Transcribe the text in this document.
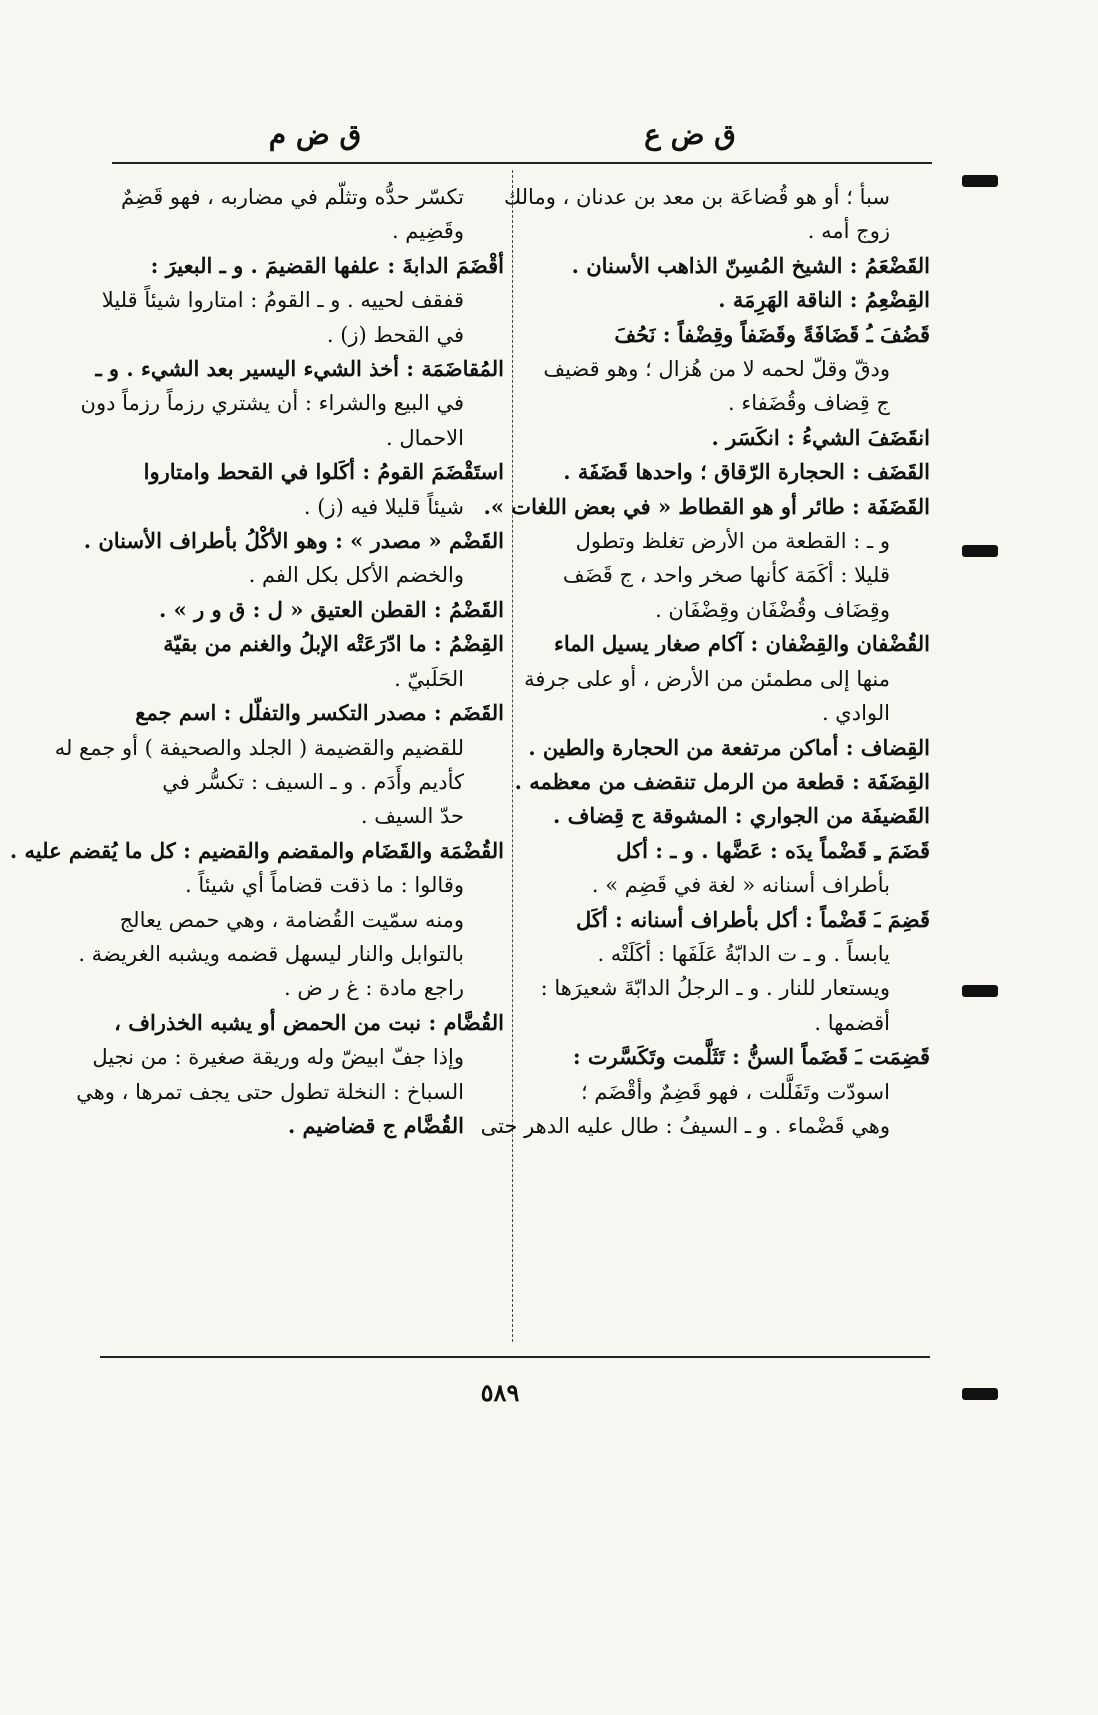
ق ض ع
ق ض م
سبأ ؛ أو هو قُضاعَة بن معد بن عدنان ، ومالك
زوج أمه .
القَضْعَمُ : الشيخ المُسِنّ الذاهب الأسنان .
القِضْعِمُ : الناقة الهَرِمَة .
قَضُفَ ـُ قَضَافَةً وقَضَفاً وقِضْفاً : نَحُفَ
ودقّ وقلّ لحمه لا من هُزال ؛ وهو قضيف
ج قِضاف وقُضَفاء .
انقَضَفَ الشيءُ : انكَسَر .
القَضَف : الحجارة الرّقاق ؛ واحدها قَضَفَة .
القَضَفَة : طائر أو هو القطاط « في بعض اللغات ».
و ـ : القطعة من الأرض تغلظ وتطول
قليلا : أكَمَة كأنها صخر واحد ، ج قَضَف
وقِضَاف وقُضْفَان وقِضْفَان .
القُضْفان والقِضْفان : آكام صغار يسيل الماء
منها إلى مطمئن من الأرض ، أو على جرفة
الوادي .
القِضاف : أماكن مرتفعة من الحجارة والطين .
القِضَفَة : قطعة من الرمل تنقضف من معظمه .
القَضيفَة من الجواري : المشوقة ج قِضاف .
قَضَمَ ـِ قَضْماً يدَه : عَضَّها . و ـ : أكل
بأطراف أسنانه « لغة في قَضِم » .
قَضِمَ ـَ قَضْماً : أكل بأطراف أسنانه : أكَل
يابساً . و ـ ت الدابّةُ عَلَفَها : أكَلَتْه .
ويستعار للنار . و ـ الرجلُ الدابّةَ شعيرَها :
أقضمها .
قَضِمَت ـَ قَضَماً السنُّ : تَثَلَّمت وتَكَسَّرت :
اسودّت وتَفَلَّلت ، فهو قَضِمٌ وأقْضَم ؛
وهي قَضْماء . و ـ السيفُ : طال عليه الدهر حتى
تكسّر حدُّه وتثلّم في مضاربه ، فهو قَضِمٌ
وقَضِيم .
أقْضَمَ الدابةَ : علفها القضيمَ . و ـ البعيرَ :
قفقف لحييه . و ـ القومُ : امتاروا شيئاً قليلا
في القحط (ز) .
المُقاضَمَة : أخذ الشيء اليسير بعد الشيء . و ـ
في البيع والشراء : أن يشتري رزماً رزماً دون
الاحمال .
استَقْضَمَ القومُ : أكَلوا في القحط وامتاروا
شيئاً قليلا فيه (ز) .
القَضْم « مصدر » : وهو الأكْلُ بأطراف الأسنان .
والخضم الأكل بكل الفم .
القَضْمُ : القطن العتيق « ل : ق و ر » .
القِضْمُ : ما ادّرَعَتْه الإبلُ والغنم من بقيّة
الحَلَبيّ .
القَضَم : مصدر التكسر والتفلّل : اسم جمع
للقضيم والقضيمة ( الجلد والصحيفة ) أو جمع له
كأديم وأَدَم . و ـ السيف : تكسُّر في
حدّ السيف .
القُضْمَة والقَضَام والمقضم والقضيم : كل ما يُقضم عليه .
وقالوا : ما ذقت قضاماً أي شيئاً .
ومنه سمّيت القُضامة ، وهي حمص يعالج
بالتوابل والنار ليسهل قضمه ويشبه الغريضة .
راجع مادة : غ ر ض .
القُضَّام : نبت من الحمض أو يشبه الخذراف ،
وإذا جفّ ابيضّ وله وريقة صغيرة : من نجيل
السباخ : النخلة تطول حتى يجف تمرها ، وهي
القُضَّام ج قضاضيم .
٥٨٩
